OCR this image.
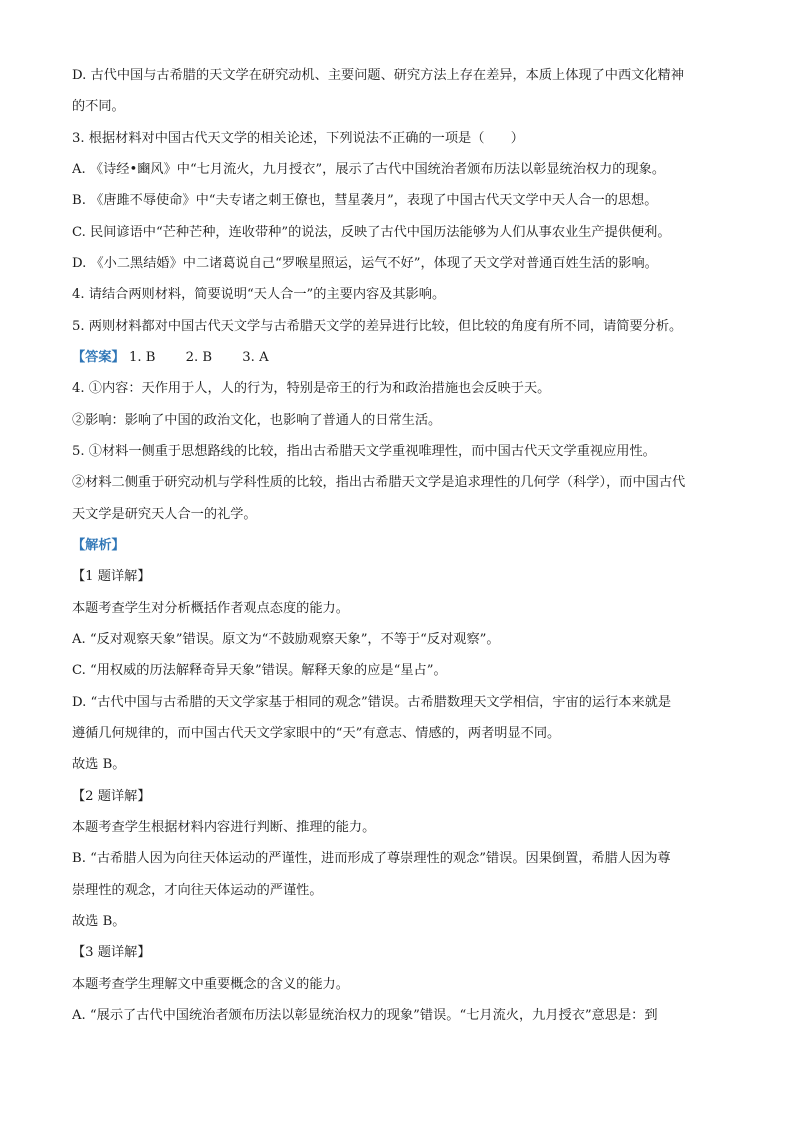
D. 古代中国与古希腊的天文学在研究动机、主要问题、研究方法上存在差异，本质上体现了中西文化精神
的不同。
3. 根据材料对中国古代天文学的相关论述，下列说法不正确的一项是（　　）
A. 《诗经•豳风》中“七月流火，九月授衣”，展示了古代中国统治者颁布历法以彰显统治权力的现象。
B. 《唐雎不辱使命》中“夫专诸之刺王僚也，彗星袭月”，表现了中国古代天文学中天人合一的思想。
C. 民间谚语中“芒种芒种，连收带种”的说法，反映了古代中国历法能够为人们从事农业生产提供便利。
D. 《小二黑结婚》中二诸葛说自己“罗喉星照运，运气不好”，体现了天文学对普通百姓生活的影响。
4. 请结合两则材料，简要说明“天人合一”的主要内容及其影响。
5. 两则材料都对中国古代天文学与古希腊天文学的差异进行比较，但比较的角度有所不同，请简要分析。
【答案】 1. B 2. B 3. A
4. ①内容：天作用于人，人的行为，特别是帝王的行为和政治措施也会反映于天。
②影响：影响了中国的政治文化，也影响了普通人的日常生活。
5. ①材料一侧重于思想路线的比较，指出古希腊天文学重视唯理性，而中国古代天文学重视应用性。
②材料二侧重于研究动机与学科性质的比较，指出古希腊天文学是追求理性的几何学（科学），而中国古代
天文学是研究天人合一的礼学。
【解析】
【1 题详解】
本题考查学生对分析概括作者观点态度的能力。
A. “反对观察天象”错误。原文为“不鼓励观察天象”，不等于“反对观察”。
C. “用权威的历法解释奇异天象”错误。解释天象的应是“星占”。
D. “古代中国与古希腊的天文学家基于相同的观念”错误。古希腊数理天文学相信，宇宙的运行本来就是
遵循几何规律的，而中国古代天文学家眼中的“天”有意志、情感的，两者明显不同。
故选 B。
【2 题详解】
本题考查学生根据材料内容进行判断、推理的能力。
B. “古希腊人因为向往天体运动的严谨性，进而形成了尊崇理性的观念”错误。因果倒置，希腊人因为尊
崇理性的观念，才向往天体运动的严谨性。
故选 B。
【3 题详解】
本题考查学生理解文中重要概念的含义的能力。
A. “展示了古代中国统治者颁布历法以彰显统治权力的现象”错误。“七月流火，九月授衣”意思是：到
